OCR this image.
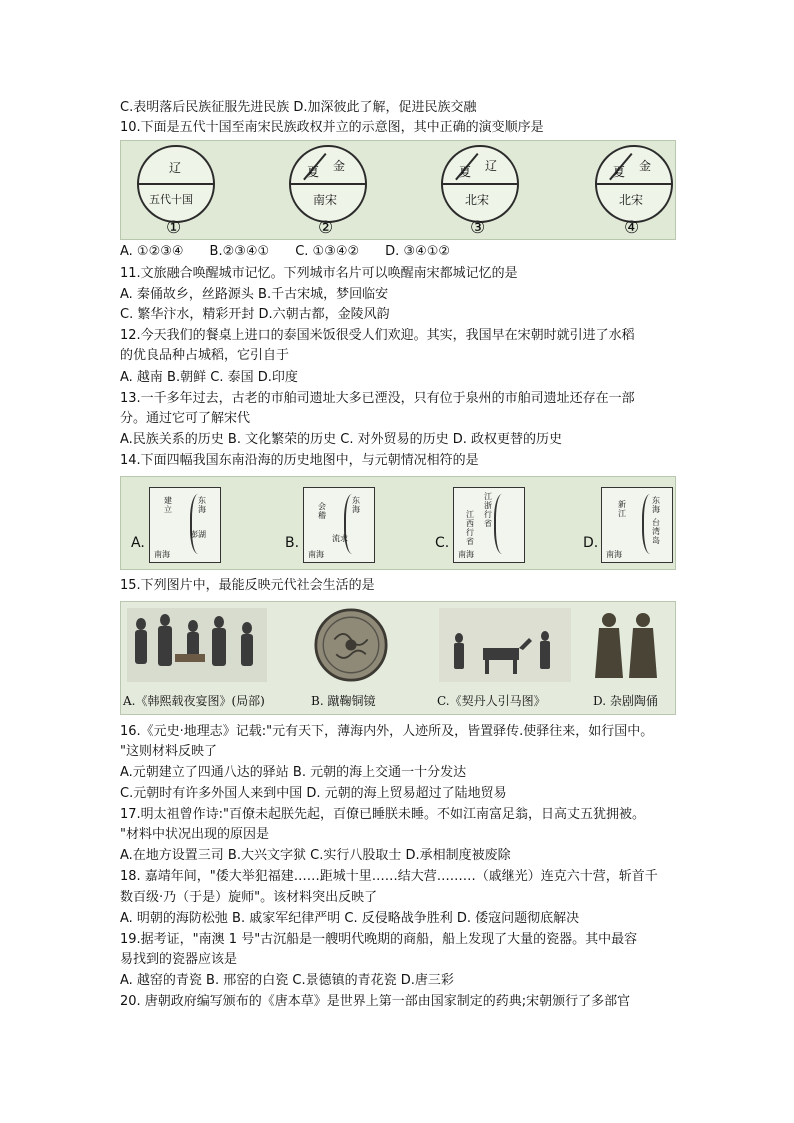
C.表明落后民族征服先进民族 D.加深彼此了解，促进民族交融
10.下面是五代十国至南宋民族政权并立的示意图，其中正确的演变顺序是
辽
五代十国
①
夏 金
南宋
②
夏 辽
北宋
③
夏 金
北宋
④
A. ①②③④　　B.②③④①　　C. ①③④②　　D. ③④①②
11.文旅融合唤醒城市记忆。下列城市名片可以唤醒南宋都城记忆的是
A. 秦俑故乡，丝路源头 B.千古宋城，梦回临安
C. 繁华汴水，精彩开封 D.六朝古都，金陵风韵
12.今天我们的餐桌上进口的泰国米饭很受人们欢迎。其实，我国早在宋朝时就引进了水稻
的优良品种占城稻，它引自于
A. 越南 B.朝鲜 C. 泰国 D.印度
13.一千多年过去，古老的市舶司遗址大多已湮没，只有位于泉州的市舶司遗址还存在一部
分。通过它可了解宋代
A.民族关系的历史 B. 文化繁荣的历史 C. 对外贸易的历史 D. 政权更替的历史
14.下面四幅我国东南沿海的历史地图中，与元朝情况相符的是
A.
建
立
东
海
澎湖
南海
B.
会
稽
东
海
流求
南海
C.
江
浙
行
省
江
西
行
省
南海
D.
新
江
东
海
台
湾
岛
南海
15.下列图片中，最能反映元代社会生活的是
A.《韩熙载夜宴图》(局部)	B. 蹴鞠铜镜	C.《契丹人引马图》	D. 杂剧陶俑
16.《元史·地理志》记载:"元有天下，薄海内外，人迹所及，皆置驿传.使驿往来，如行国中。
"这则材料反映了
A.元朝建立了四通八达的驿站 B. 元朝的海上交通一十分发达
C.元朝时有许多外国人来到中国 D. 元朝的海上贸易超过了陆地贸易
17.明太祖曾作诗:"百僚未起朕先起，百僚已睡朕未睡。不如江南富足翁，日高丈五犹拥被。
"材料中状况出现的原因是
A.在地方设置三司 B.大兴文字狱 C.实行八股取士 D.承相制度被废除
18. 嘉靖年间，"倭大举犯福建……距城十里……结大营………（戚继光）连克六十营，斩首千
数百级·乃（于是）旋师"。该材料突出反映了
A. 明朝的海防松弛 B. 戚家军纪律严明 C. 反侵略战争胜利 D. 倭寇问题彻底解决
19.据考证，"南澳 1 号"古沉船是一艘明代晚期的商船，船上发现了大量的瓷器。其中最容
易找到的瓷器应该是
A. 越窑的青瓷 B. 邢窑的白瓷 C.景德镇的青花瓷 D.唐三彩
20. 唐朝政府编写颁布的《唐本草》是世界上第一部由国家制定的药典;宋朝颁行了多部官
